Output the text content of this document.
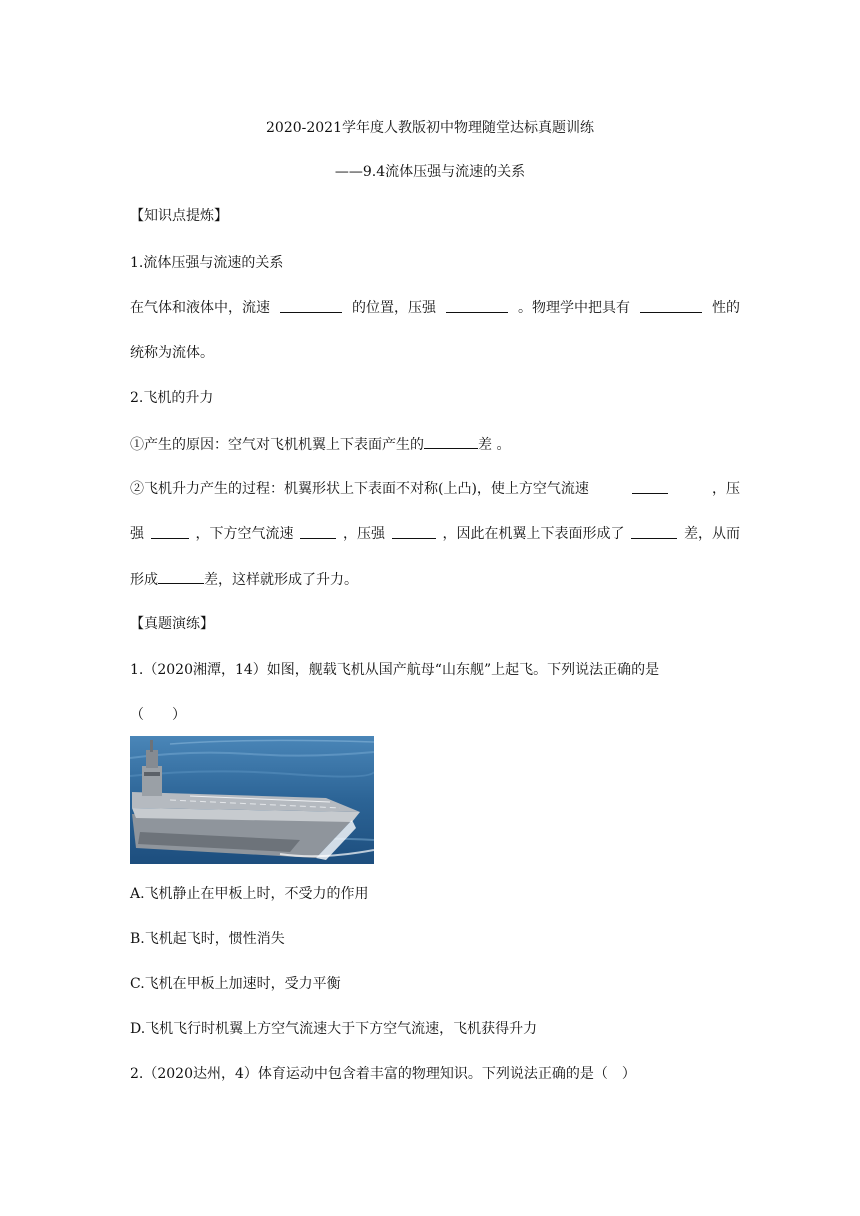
2020-2021学年度人教版初中物理随堂达标真题训练
——9.4流体压强与流速的关系
【知识点提炼】
1.流体压强与流速的关系
在气体和液体中，流速	的位置，压强	。物理学中把具有	性的
统称为流体。
2.飞机的升力
①产生的原因：空气对飞机机翼上下表面产生的	差 。
②飞机升力产生的过程：机翼形状上下表面不对称(上凸)，使上方空气流速	，压
强	，下方空气流速	，压强	，因此在机翼上下表面形成了	差，从而
形成	差，这样就形成了升力。
【真题演练】
1.（2020湘潭，14）如图，舰载飞机从国产航母“山东舰”上起飞。下列说法正确的是
（　　）
A.飞机静止在甲板上时，不受力的作用
B.飞机起飞时，惯性消失
C.飞机在甲板上加速时，受力平衡
D.飞机飞行时机翼上方空气流速大于下方空气流速，飞机获得升力
2.（2020达州，4）体育运动中包含着丰富的物理知识。下列说法正确的是（　）
